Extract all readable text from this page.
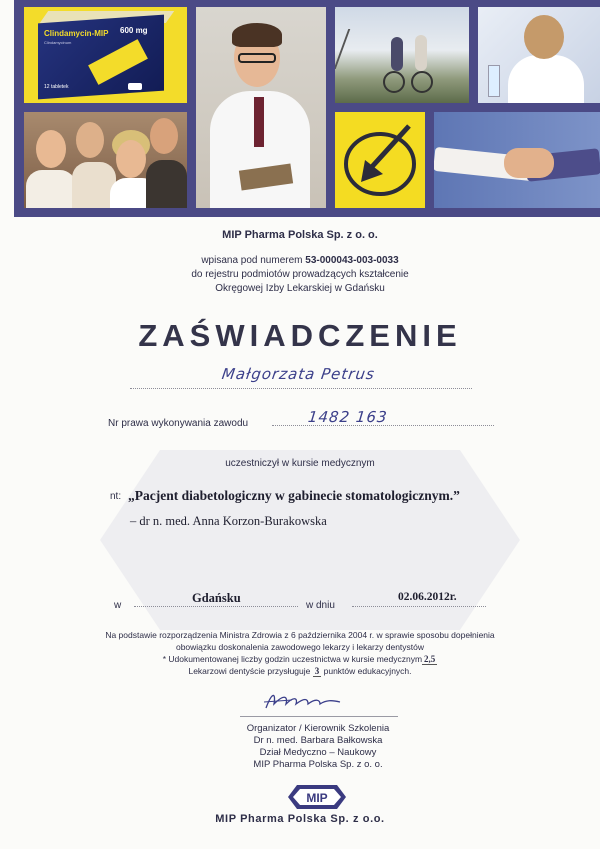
Clindamycin-MIP 600 mg
Clindamycinum
12 tabletek
MIP Pharma Polska Sp. z o. o.
wpisana pod numerem 53-000043-003-0033
do rejestru podmiotów prowadzących kształcenie
Okręgowej Izby Lekarskiej w Gdańsku
ZAŚWIADCZENIE
Małgorzata Petrus
Nr prawa wykonywania zawodu	1482 163
uczestniczył w kursie medycznym
nt: „Pacjent diabetologiczny w gabinecie stomatologicznym.”
– dr n. med. Anna Korzon-Burakowska
w
Gdańsku
w dniu
02.06.2012r.
Na podstawie rozporządzenia Ministra Zdrowia z 6 października 2004 r. w sprawie sposobu dopełnienia
obowiązku doskonalenia zawodowego lekarzy i lekarzy dentystów
* Udokumentowanej liczby godzin uczestnictwa w kursie medycznym 2,5
Lekarzowi dentyście przysługuje 3 punktów edukacyjnych.
Organizator / Kierownik Szkolenia
Dr n. med. Barbara Bałkowska
Dział Medyczno – Naukowy
MIP Pharma Polska Sp. z o. o.
MIP
MIP Pharma Polska Sp. z o.o.
